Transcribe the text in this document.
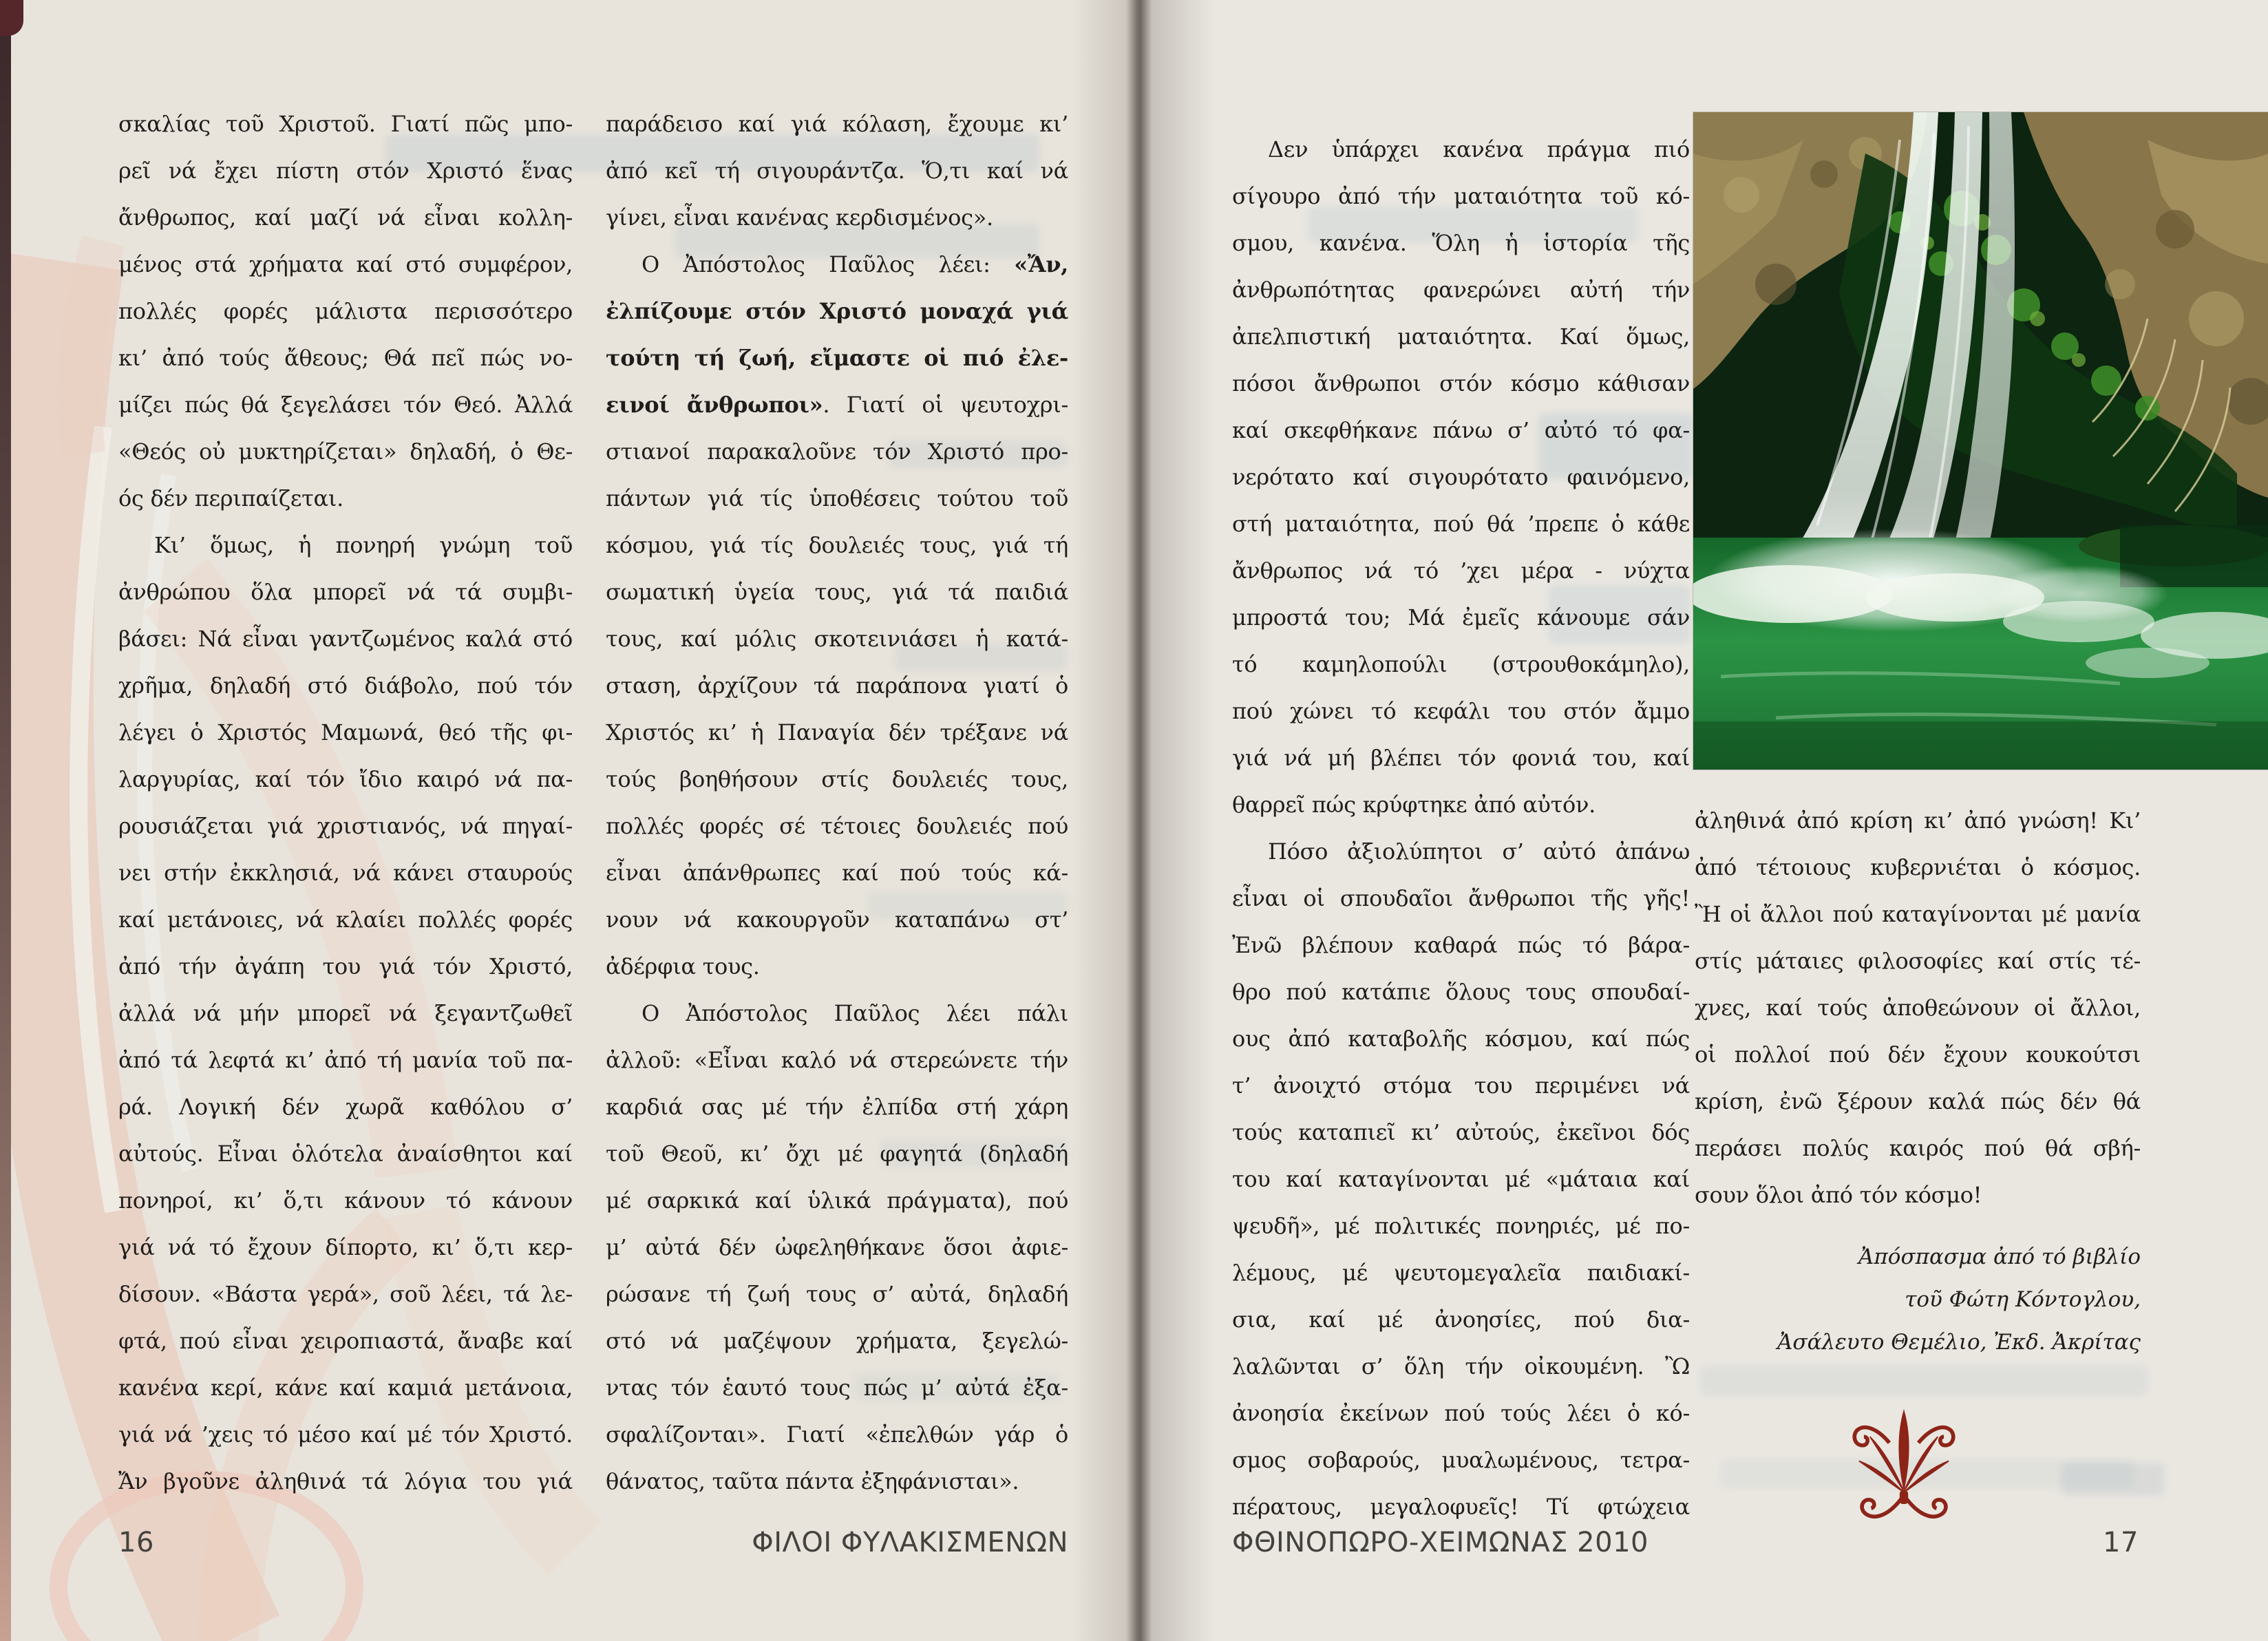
σκαλίας τοῦ Χριστοῦ. Γιατί πῶς μπο-
ρεῖ νά ἔχει πίστη στόν Χριστό ἕνας
ἄνθρωπος, καί μαζί νά εἶναι κολλη-
μένος στά χρήματα καί στό συμφέρον,
πολλές φορές μάλιστα περισσότερο
κι’ ἀπό τούς ἄθεους; Θά πεῖ πώς νο-
μίζει πώς θά ξεγελάσει τόν Θεό. Ἀλλά
«Θεός οὐ μυκτηρίζεται» δηλαδή, ὁ Θε-
ός δέν περιπαίζεται.
Κι’ ὅμως, ἡ πονηρή γνώμη τοῦ
ἀνθρώπου ὅλα μπορεῖ νά τά συμβι-
βάσει: Νά εἶναι γαντζωμένος καλά στό
χρῆμα, δηλαδή στό διάβολο, πού τόν
λέγει ὁ Χριστός Μαμωνά, θεό τῆς φι-
λαργυρίας, καί τόν ἴδιο καιρό νά πα-
ρουσιάζεται γιά χριστιανός, νά πηγαί-
νει στήν ἐκκλησιά, νά κάνει σταυρούς
καί μετάνοιες, νά κλαίει πολλές φορές
ἀπό τήν ἀγάπη του γιά τόν Χριστό,
ἀλλά νά μήν μπορεῖ νά ξεγαντζωθεῖ
ἀπό τά λεφτά κι’ ἀπό τή μανία τοῦ πα-
ρά. Λογική δέν χωρᾶ καθόλου σ’
αὐτούς. Εἶναι ὁλότελα ἀναίσθητοι καί
πονηροί, κι’ ὅ,τι κάνουν τό κάνουν
γιά νά τό ἔχουν δίπορτο, κι’ ὅ,τι κερ-
δίσουν. «Βάστα γερά», σοῦ λέει, τά λε-
φτά, πού εἶναι χειροπιαστά, ἄναβε καί
κανένα κερί, κάνε καί καμιά μετάνοια,
γιά νά ’χεις τό μέσο καί μέ τόν Χριστό.
Ἄν βγοῦνε ἀληθινά τά λόγια του γιά
παράδεισο καί γιά κόλαση, ἔχουμε κι’
ἀπό κεῖ τή σιγουράντζα. Ὅ,τι καί νά
γίνει, εἶναι κανένας κερδισμένος».
Ο Ἀπόστολος Παῦλος λέει: «Ἄν,
ἐλπίζουμε στόν Χριστό μοναχά γιά
τούτη τή ζωή, εἴμαστε οἱ πιό ἐλε-
εινοί ἄνθρωποι». Γιατί οἱ ψευτοχρι-
στιανοί παρακαλοῦνε τόν Χριστό προ-
πάντων γιά τίς ὑποθέσεις τούτου τοῦ
κόσμου, γιά τίς δουλειές τους, γιά τή
σωματική ὑγεία τους, γιά τά παιδιά
τους, καί μόλις σκοτεινιάσει ἡ κατά-
σταση, ἀρχίζουν τά παράπονα γιατί ὁ
Χριστός κι’ ἡ Παναγία δέν τρέξανε νά
τούς βοηθήσουν στίς δουλειές τους,
πολλές φορές σέ τέτοιες δουλειές πού
εἶναι ἀπάνθρωπες καί πού τούς κά-
νουν νά κακουργοῦν καταπάνω στ’
ἀδέρφια τους.
Ο Ἀπόστολος Παῦλος λέει πάλι
ἀλλοῦ: «Εἶναι καλό νά στερεώνετε τήν
καρδιά σας μέ τήν ἐλπίδα στή χάρη
τοῦ Θεοῦ, κι’ ὄχι μέ φαγητά (δηλαδή
μέ σαρκικά καί ὑλικά πράγματα), πού
μ’ αὐτά δέν ὠφεληθήκανε ὅσοι ἀφιε-
ρώσανε τή ζωή τους σ’ αὐτά, δηλαδή
στό νά μαζέψουν χρήματα, ξεγελώ-
ντας τόν ἑαυτό τους πώς μ’ αὐτά ἐξα-
σφαλίζονται». Γιατί «ἐπελθών γάρ ὁ
θάνατος, ταῦτα πάντα ἐξηφάνισται».
Δεν ὑπάρχει κανένα πράγμα πιό
σίγουρο ἀπό τήν ματαιότητα τοῦ κό-
σμου, κανένα. Ὅλη ἡ ἱστορία τῆς
ἀνθρωπότητας φανερώνει αὐτή τήν
ἀπελπιστική ματαιότητα. Καί ὅμως,
πόσοι ἄνθρωποι στόν κόσμο κάθισαν
καί σκεφθήκανε πάνω σ’ αὐτό τό φα-
νερότατο καί σιγουρότατο φαινόμενο,
στή ματαιότητα, πού θά ’πρεπε ὁ κάθε
ἄνθρωπος νά τό ’χει μέρα - νύχτα
μπροστά του; Μά ἐμεῖς κάνουμε σάν
τό καμηλοπούλι (στρουθοκάμηλο),
πού χώνει τό κεφάλι του στόν ἄμμο
γιά νά μή βλέπει τόν φονιά του, καί
θαρρεῖ πώς κρύφτηκε ἀπό αὐτόν.
Πόσο ἀξιολύπητοι σ’ αὐτό ἀπάνω
εἶναι οἱ σπουδαῖοι ἄνθρωποι τῆς γῆς!
Ἐνῶ βλέπουν καθαρά πώς τό βάρα-
θρο πού κατάπιε ὅλους τους σπουδαί-
ους ἀπό καταβολῆς κόσμου, καί πώς
τ’ ἀνοιχτό στόμα του περιμένει νά
τούς καταπιεῖ κι’ αὐτούς, ἐκεῖνοι δός
του καί καταγίνονται μέ «μάταια καί
ψευδῆ», μέ πολιτικές πονηριές, μέ πο-
λέμους, μέ ψευτομεγαλεῖα παιδιακί-
σια, καί μέ ἀνοησίες, πού δια-
λαλῶνται σ’ ὅλη τήν οἰκουμένη. Ὢ
ἀνοησία ἐκείνων πού τούς λέει ὁ κό-
σμος σοβαρούς, μυαλωμένους, τετρα-
πέρατους, μεγαλοφυεῖς! Τί φτώχεια
ἀληθινά ἀπό κρίση κι’ ἀπό γνώση! Κι’
ἀπό τέτοιους κυβερνιέται ὁ κόσμος.
Ἢ οἱ ἄλλοι πού καταγίνονται μέ μανία
στίς μάταιες φιλοσοφίες καί στίς τέ-
χνες, καί τούς ἀποθεώνουν οἱ ἄλλοι,
οἱ πολλοί πού δέν ἔχουν κουκούτσι
κρίση, ἐνῶ ξέρουν καλά πώς δέν θά
περάσει πολύς καιρός πού θά σβή-
σουν ὅλοι ἀπό τόν κόσμο!
Ἀπόσπασμα ἀπό τό βιβλίο
τοῦ Φώτη Κόντογλου,
Ἀσάλευτο Θεμέλιο, Ἐκδ. Ἀκρίτας
16	ΦΙΛΟΙ ΦΥΛΑΚΙΣΜΕΝΩΝ	ΦΘΙΝΟΠΩΡΟ-ΧΕΙΜΩΝΑΣ 2010	17
